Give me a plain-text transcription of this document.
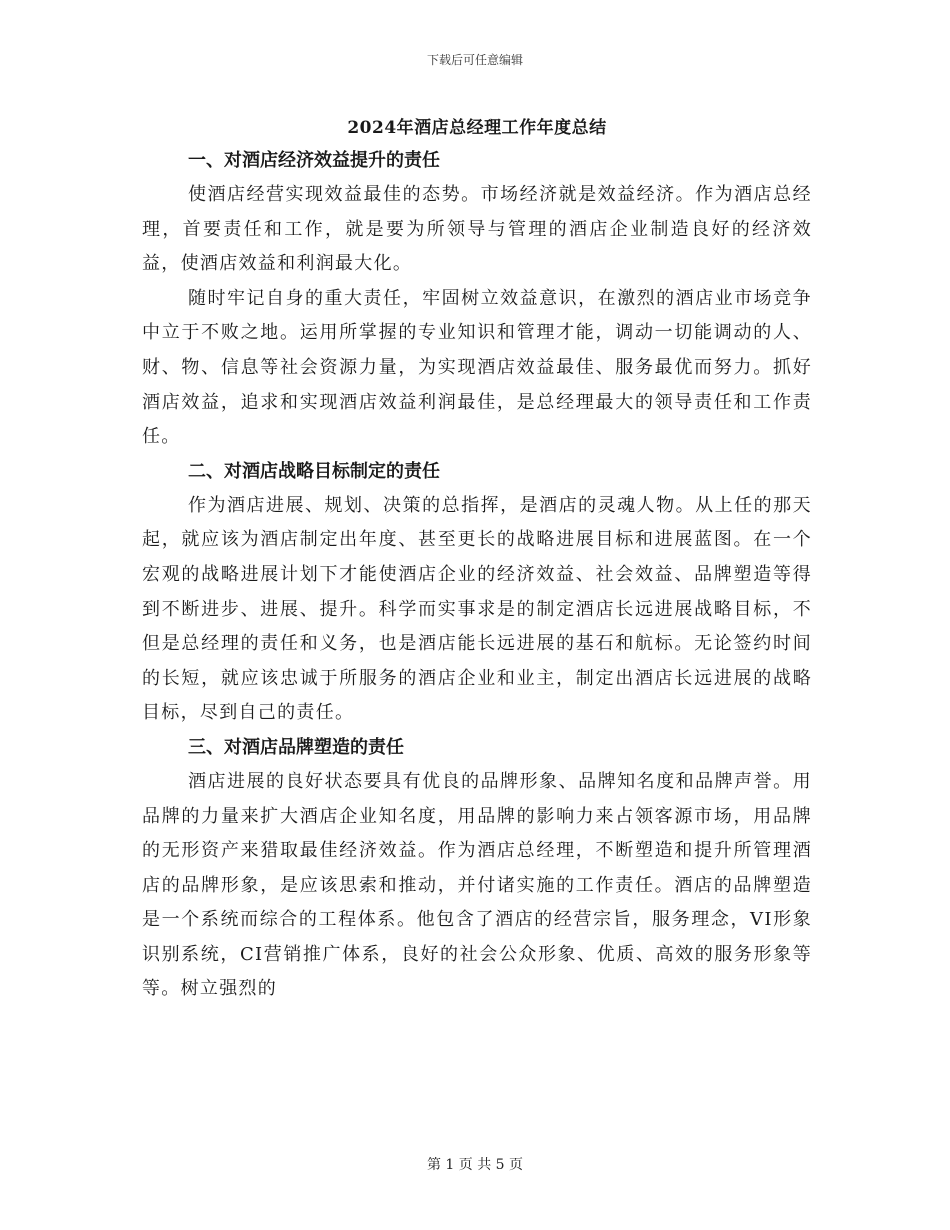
下载后可任意编辑
2024年酒店总经理工作年度总结

一、对酒店经济效益提升的责任

使酒店经营实现效益最佳的态势。市场经济就是效益经济。作为酒店总经理，首要责任和工作，就是要为所领导与管理的酒店企业制造良好的经济效益，使酒店效益和利润最大化。

随时牢记自身的重大责任，牢固树立效益意识，在激烈的酒店业市场竞争中立于不败之地。运用所掌握的专业知识和管理才能，调动一切能调动的人、财、物、信息等社会资源力量，为实现酒店效益最佳、服务最优而努力。抓好酒店效益，追求和实现酒店效益利润最佳，是总经理最大的领导责任和工作责任。

二、对酒店战略目标制定的责任

作为酒店进展、规划、决策的总指挥，是酒店的灵魂人物。从上任的那天起，就应该为酒店制定出年度、甚至更长的战略进展目标和进展蓝图。在一个宏观的战略进展计划下才能使酒店企业的经济效益、社会效益、品牌塑造等得到不断进步、进展、提升。科学而实事求是的制定酒店长远进展战略目标，不但是总经理的责任和义务，也是酒店能长远进展的基石和航标。无论签约时间的长短，就应该忠诚于所服务的酒店企业和业主，制定出酒店长远进展的战略目标，尽到自己的责任。

三、对酒店品牌塑造的责任

酒店进展的良好状态要具有优良的品牌形象、品牌知名度和品牌声誉。用品牌的力量来扩大酒店企业知名度，用品牌的影响力来占领客源市场，用品牌的无形资产来猎取最佳经济效益。作为酒店总经理，不断塑造和提升所管理酒店的品牌形象，是应该思索和推动，并付诸实施的工作责任。酒店的品牌塑造是一个系统而综合的工程体系。他包含了酒店的经营宗旨，服务理念，VI形象识别系统，CI营销推广体系，良好的社会公众形象、优质、高效的服务形象等等。树立强烈的

第 1 页 共 5 页
